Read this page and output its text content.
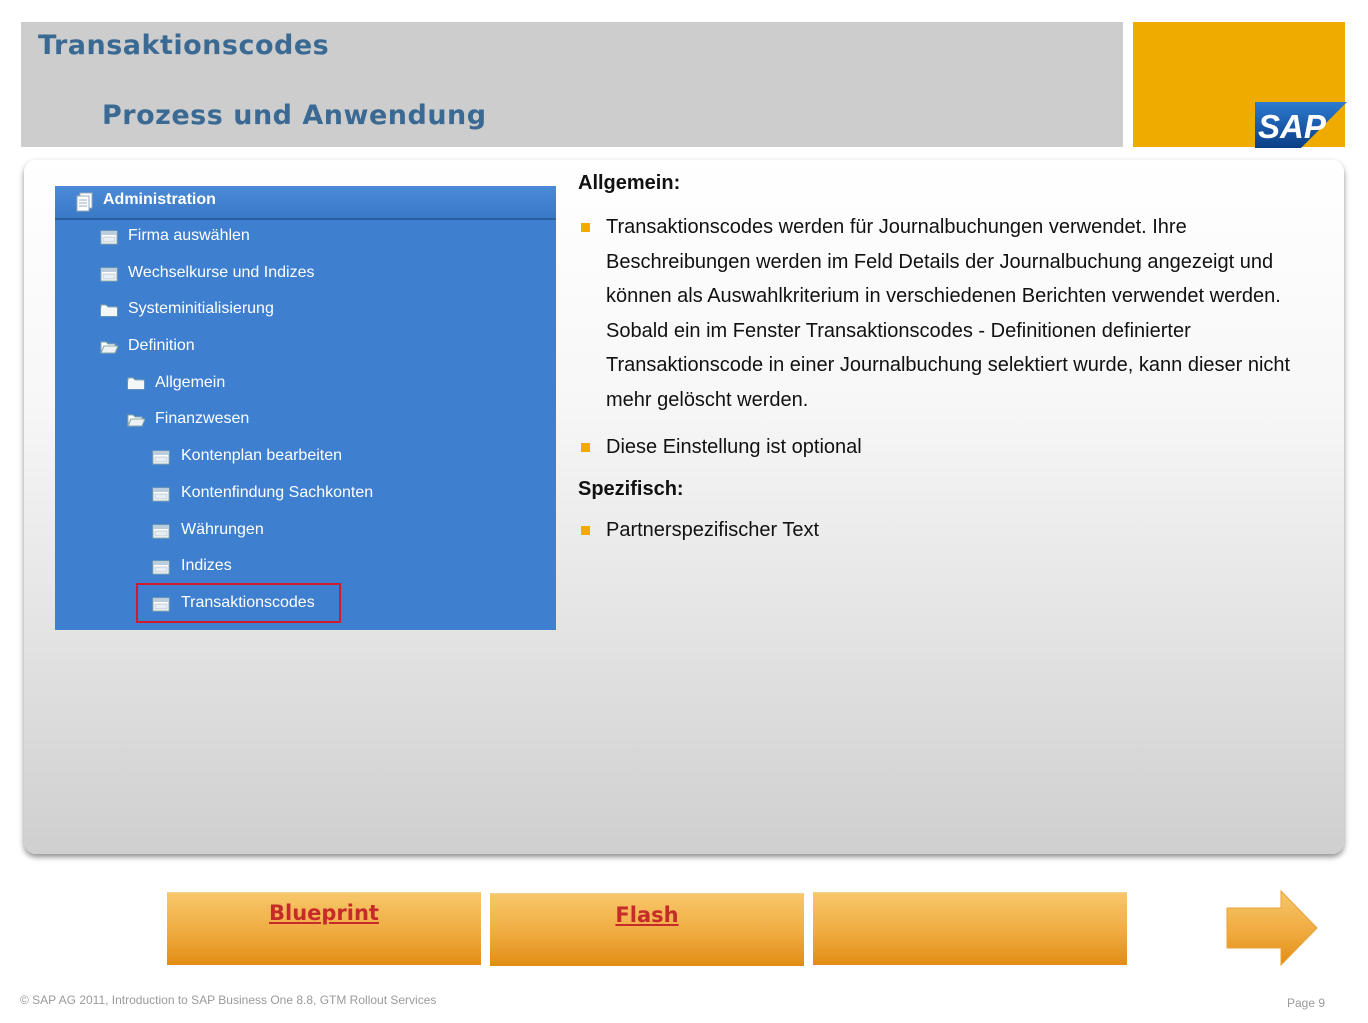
Transaktionscodes
Prozess und Anwendung	SAP
Administration
Firma auswählen
Wechselkurse und Indizes
Systeminitialisierung
Definition
Allgemein
Finanzwesen
Kontenplan bearbeiten
Kontenfindung Sachkonten
Währungen
Indizes
Transaktionscodes

Allgemein:

Transaktionscodes werden für Journalbuchungen verwendet. Ihre Beschreibungen werden im Feld Details der Journalbuchung angezeigt und können als Auswahlkriterium in verschiedenen Berichten verwendet werden. Sobald ein im Fenster Transaktionscodes - Definitionen definierter Transaktionscode in einer Journalbuchung selektiert wurde, kann dieser nicht mehr gelöscht werden.
Diese Einstellung ist optional

Spezifisch:

Partnerspezifischer Text
Blueprint	Flash
© SAP AG 2011, Introduction to SAP Business One 8.8, GTM Rollout Services	Page 9
